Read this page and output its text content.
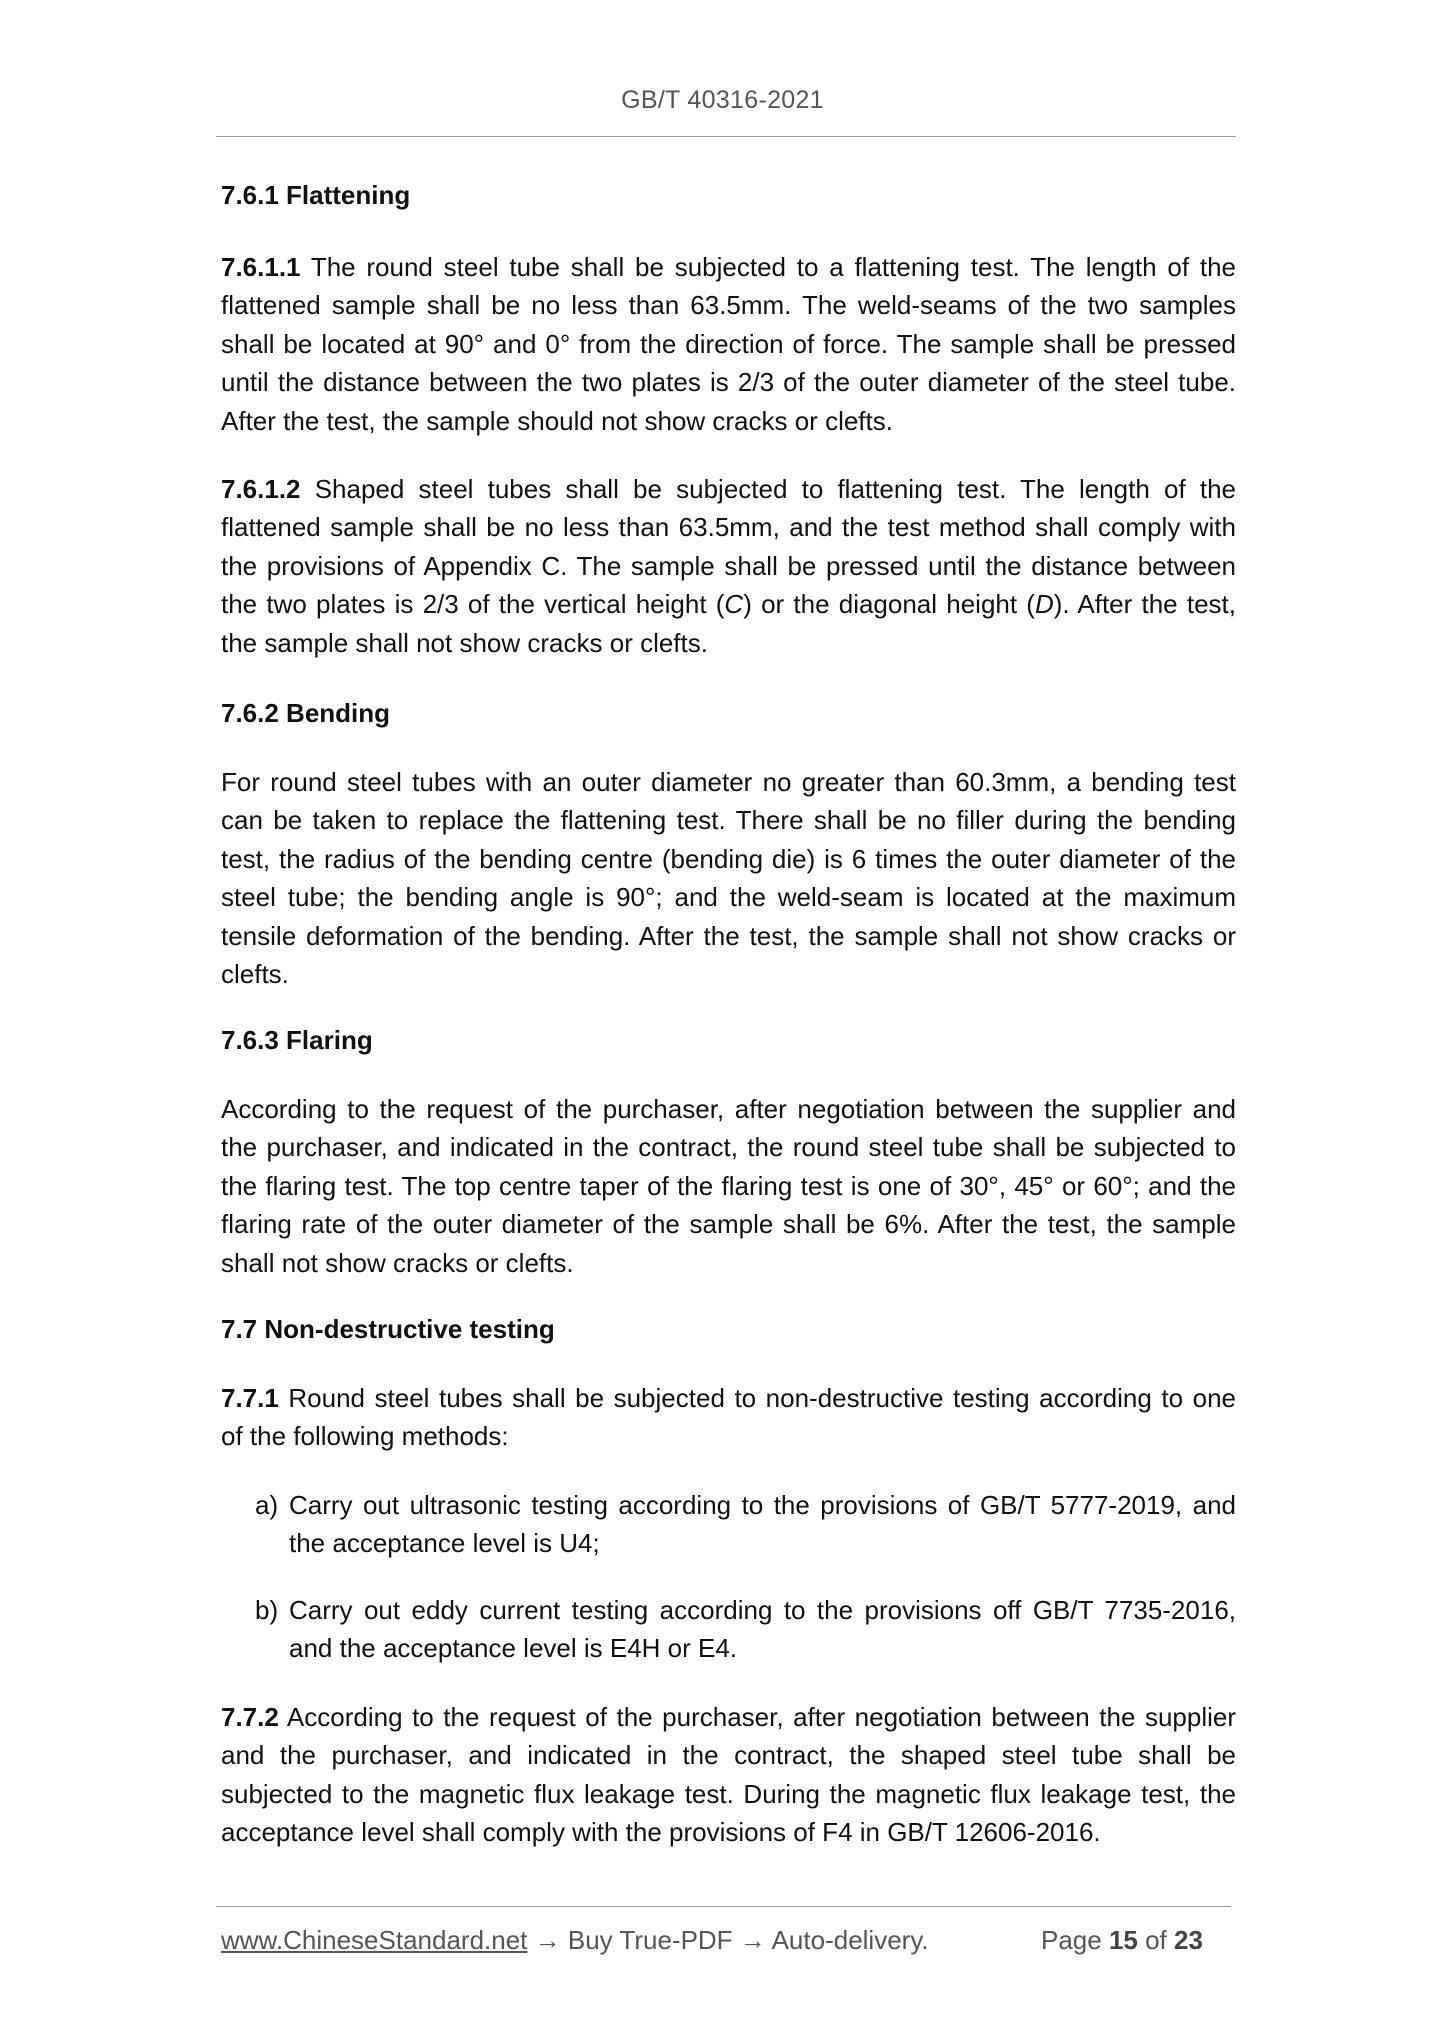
GB/T 40316-2021
7.6.1 Flattening
7.6.1.1 The round steel tube shall be subjected to a flattening test. The length of the flattened sample shall be no less than 63.5mm. The weld-seams of the two samples shall be located at 90° and 0° from the direction of force. The sample shall be pressed until the distance between the two plates is 2/3 of the outer diameter of the steel tube. After the test, the sample should not show cracks or clefts.
7.6.1.2 Shaped steel tubes shall be subjected to flattening test. The length of the flattened sample shall be no less than 63.5mm, and the test method shall comply with the provisions of Appendix C. The sample shall be pressed until the distance between the two plates is 2/3 of the vertical height (C) or the diagonal height (D). After the test, the sample shall not show cracks or clefts.
7.6.2 Bending
For round steel tubes with an outer diameter no greater than 60.3mm, a bending test can be taken to replace the flattening test. There shall be no filler during the bending test, the radius of the bending centre (bending die) is 6 times the outer diameter of the steel tube; the bending angle is 90°; and the weld-seam is located at the maximum tensile deformation of the bending. After the test, the sample shall not show cracks or clefts.
7.6.3 Flaring
According to the request of the purchaser, after negotiation between the supplier and the purchaser, and indicated in the contract, the round steel tube shall be subjected to the flaring test. The top centre taper of the flaring test is one of 30°, 45° or 60°; and the flaring rate of the outer diameter of the sample shall be 6%. After the test, the sample shall not show cracks or clefts.
7.7 Non-destructive testing
7.7.1 Round steel tubes shall be subjected to non-destructive testing according to one of the following methods:
a) Carry out ultrasonic testing according to the provisions of GB/T 5777-2019, and the acceptance level is U4;
b) Carry out eddy current testing according to the provisions off GB/T 7735-2016, and the acceptance level is E4H or E4.
7.7.2 According to the request of the purchaser, after negotiation between the supplier and the purchaser, and indicated in the contract, the shaped steel tube shall be subjected to the magnetic flux leakage test. During the magnetic flux leakage test, the acceptance level shall comply with the provisions of F4 in GB/T 12606-2016.
www.ChineseStandard.net → Buy True-PDF → Auto-delivery.	Page 15 of 23
